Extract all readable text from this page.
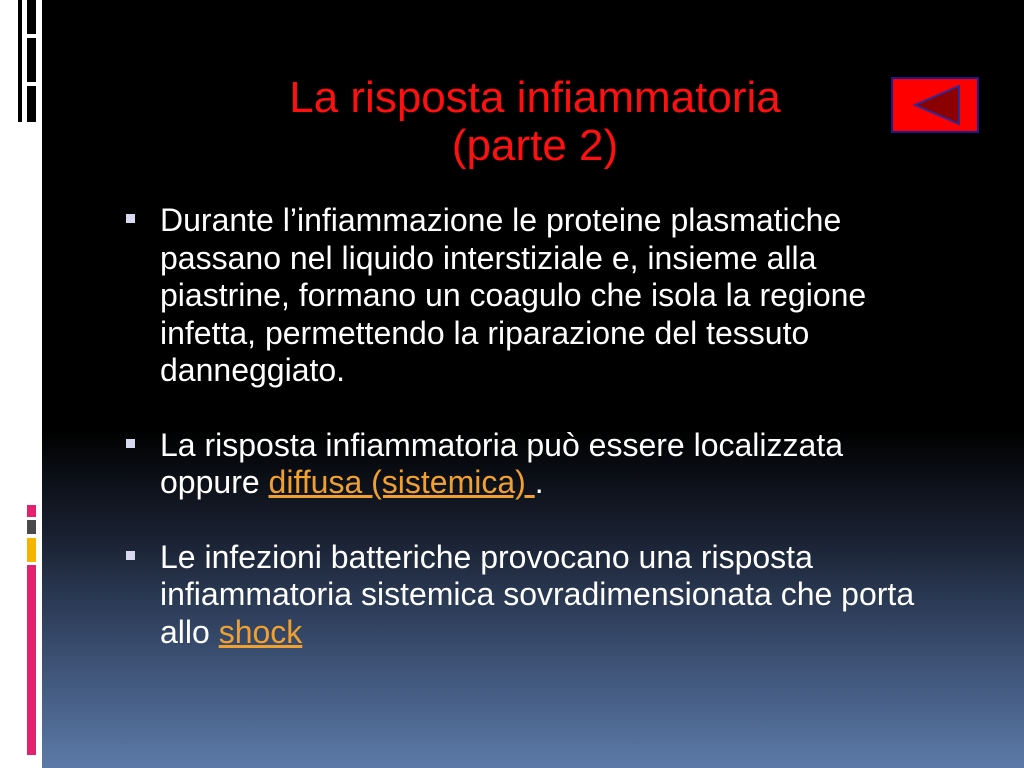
La risposta infiammatoria
(parte 2)
Durante l’infiammazione le proteine plasmatiche passano nel liquido interstiziale e, insieme alla piastrine, formano un coagulo che isola la regione infetta, permettendo la riparazione del tessuto danneggiato.
La risposta infiammatoria può essere localizzata oppure diffusa (sistemica) .
Le infezioni batteriche provocano una risposta infiammatoria sistemica sovradimensionata che porta allo shock
